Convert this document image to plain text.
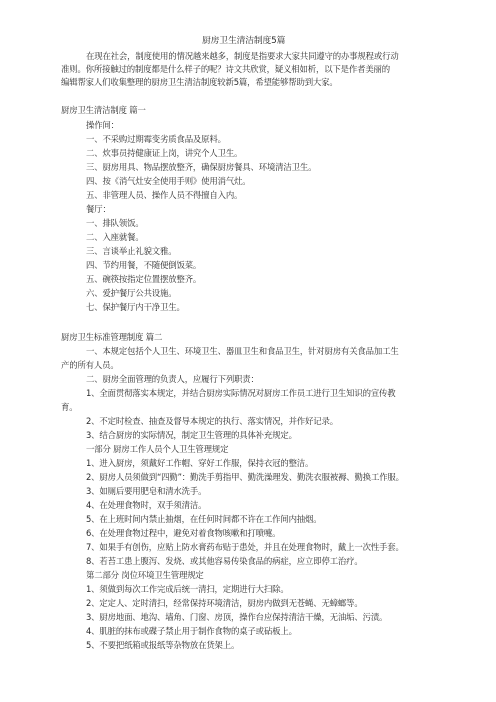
厨房卫生清洁制度5篇
在现在社会，制度使用的情况越来越多，制度是指要求大家共同遵守的办事规程或行动
准则。你所接触过的制度都是什么样子的呢？诗文共欣赏，疑义相如析，以下是作者美丽的
编辑帮家人们收集整理的厨房卫生清洁制度较新5篇，希望能够帮助到大家。
厨房卫生清洁制度 篇一
操作间：
一、不采购过期霉变劣质食品及原料。
二、炊事员持健康证上岗，讲究个人卫生。
三、厨房用具、物品摆放整齐，确保厨房餐具、环境清洁卫生。
四、按《消气灶安全使用手则》使用消气灶。
五、非管理人员、操作人员不得擅自入内。
餐厅：
一、排队领饭。
二、入座就餐。
三、言谈举止礼貌文雅。
四、节约用餐，不随便倒饭菜。
五、碗筷按指定位置摆放整齐。
六、爱护餐厅公共设施。
七、保护餐厅内干净卫生。
厨房卫生标准管理制度 篇二
一、本规定包括个人卫生、环境卫生、器皿卫生和食品卫生，针对厨房有关食品加工生
产的所有人员。
二、厨房全面管理的负责人，应履行下列职责：
1、全面贯彻落实本规定，并结合厨房实际情况对厨房工作员工进行卫生知识的宣传教
育。
2、不定时检查、抽查及督导本规定的执行、落实情况，并作好记录。
3、结合厨房的实际情况，制定卫生管理的具体补充规定。
一部分 厨房工作人员个人卫生管理规定
1、进入厨房，须戴好工作帽、穿好工作服，保持衣冠的整洁。
2、厨房人员须做到“四勤”：勤洗手剪指甲、勤洗澡理发、勤洗衣服被褥、勤换工作服。
3、如厕后要用肥皂和清水洗手。
4、在处理食物时，双手须清洁。
5、在上班时间内禁止抽烟，在任何时间都不许在工作间内抽烟。
6、在处理食物过程中，避免对着食物咳嗽和打喷嚏。
7、如果手有创伤，应贴上防水膏药布贴于患处，并且在处理食物时，戴上一次性手套。
8、若苔工患上腹泻、发烧、或其他容易传染食品的病症，应立即停工治疗。
第二部分 岗位环境卫生管理规定
1、须做到每次工作完成后统一清扫，定期进行大扫除。
2、定定人、定时清扫，经常保持环境清洁，厨房内做到无苍蝇、无蟑螂等。
3、厨房地面、地沟、墙角、门窗、房顶，操作台应保持清洁干燥，无油垢、污渍。
4、肌脏的抹布或碟子禁止用于制作食物的桌子或砧板上。
5、不要把纸箱或报纸等杂物放在货架上。
